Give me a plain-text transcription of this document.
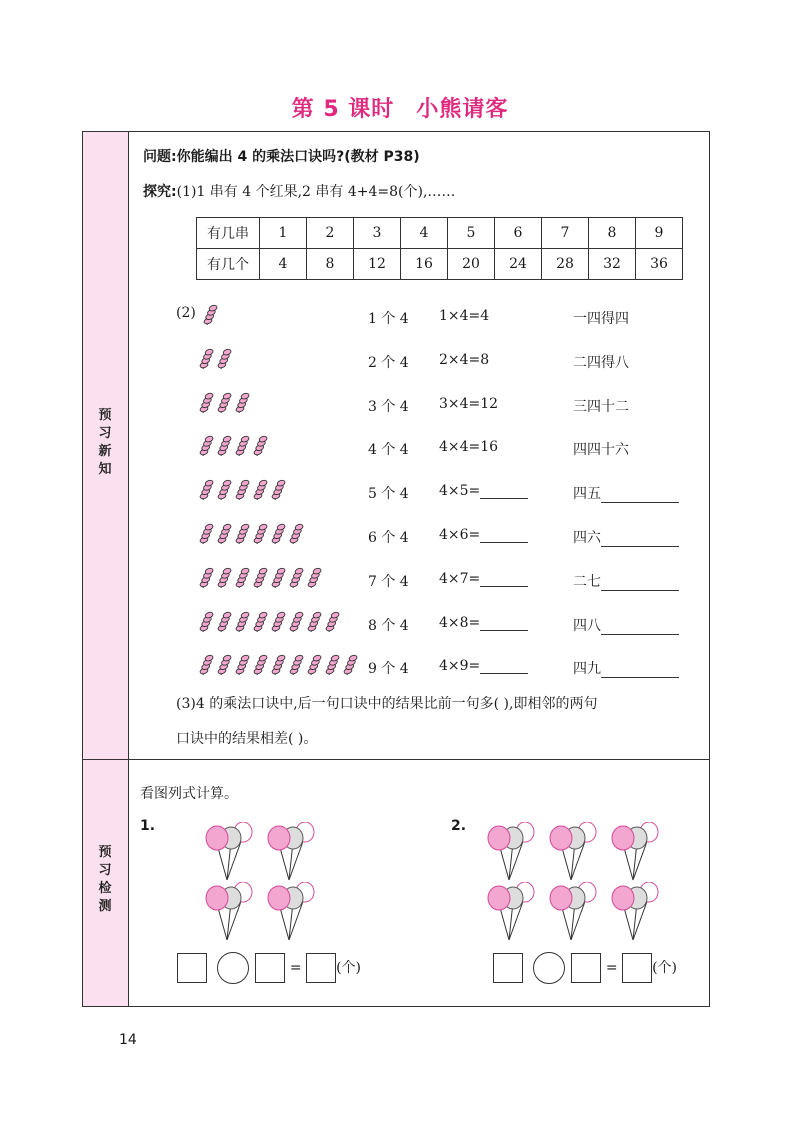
第 5 课时 小熊请客
预
习
新
知
预
习
检
测
问题:你能编出 4 的乘法口诀吗?(教材 P38)
探究:(1)1 串有 4 个红果,2 串有 4+4=8(个),……
有几串	1	2	3	4	5	6	7	8	9
有几个	4	8	12	16	20	24	28	32	36
(2)	1 个 4 1×4=4	一四得四
2 个 4 2×4=8	二四得八
3 个 4 3×4=12	三四十二
4 个 4 4×4=16	四四十六
5 个 4 4×5=	四五
6 个 4 4×6=	四六
7 个 4 4×7=	二七
8 个 4 4×8=	四八
9 个 4 4×9=	四九
(3)4 的乘法口诀中,后一句口诀中的结果比前一句多( ),即相邻的两句
口诀中的结果相差( )。
看图列式计算。
1.	2.
= (个)	= (个)
14
